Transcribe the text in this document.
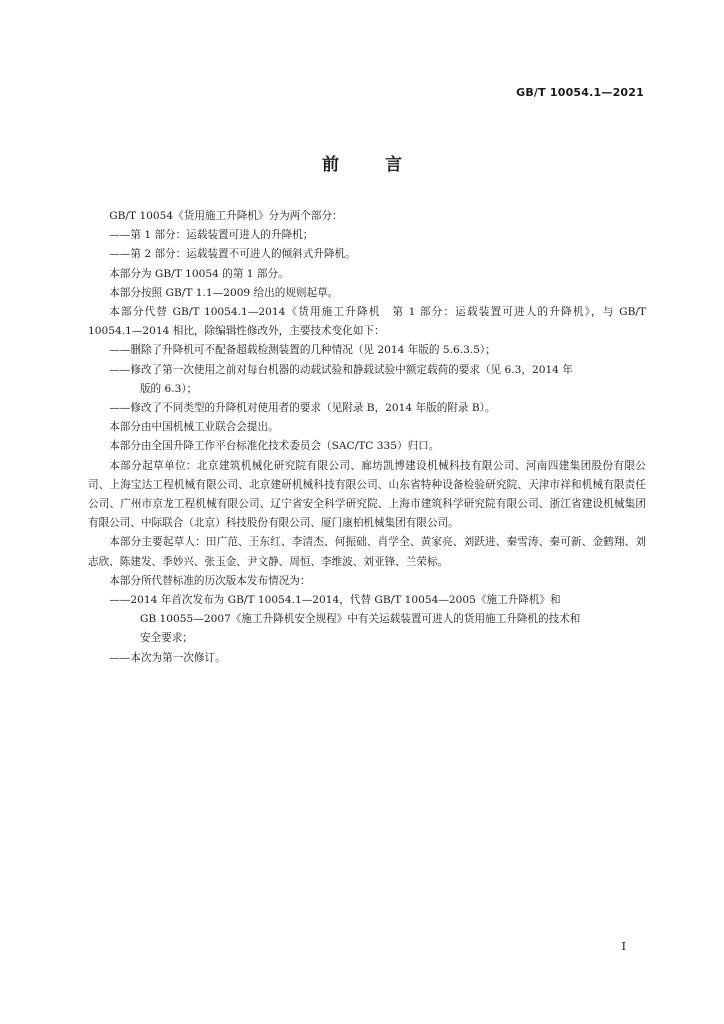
GB/T 10054.1—2021
前 言

GB/T 10054《货用施工升降机》分为两个部分：

——第 1 部分：运载装置可进人的升降机；

——第 2 部分：运载装置不可进人的倾斜式升降机。

本部分为 GB/T 10054 的第 1 部分。

本部分按照 GB/T 1.1—2009 给出的规则起草。

本部分代替 GB/T 10054.1—2014《货用施工升降机　第 1 部分：运载装置可进人的升降机》，与 GB/T 10054.1—2014 相比，除编辑性修改外，主要技术变化如下：

——删除了升降机可不配备超载检测装置的几种情况（见 2014 年版的 5.6.3.5）；

——修改了第一次使用之前对每台机器的动载试验和静载试验中额定载荷的要求（见 6.3，2014 年

版的 6.3）；

——修改了不同类型的升降机对使用者的要求（见附录 B，2014 年版的附录 B）。

本部分由中国机械工业联合会提出。

本部分由全国升降工作平台标准化技术委员会（SAC/TC 335）归口。

本部分起草单位：北京建筑机械化研究院有限公司、廊坊凯博建设机械科技有限公司、河南四建集团股份有限公司、上海宝达工程机械有限公司、北京建研机械科技有限公司、山东省特种设备检验研究院、天津市祥和机械有限责任公司、广州市京龙工程机械有限公司、辽宁省安全科学研究院、上海市建筑科学研究院有限公司、浙江省建设机械集团有限公司、中际联合（北京）科技股份有限公司、厦门康柏机械集团有限公司。

本部分主要起草人：田广范、王东红、李清杰、何振础、肖学全、黄家亮、刘跃进、秦雪涛、秦可新、金鹤翔、刘志欣、陈建发、季妙兴、张玉金、尹文静、周恒、李维波、刘亚锋、兰荣标。

本部分所代替标准的历次版本发布情况为：

——2014 年首次发布为 GB/T 10054.1—2014，代替 GB/T 10054—2005《施工升降机》和

GB 10055—2007《施工升降机安全规程》中有关运载装置可进人的货用施工升降机的技术和

安全要求；

——本次为第一次修订。

I
